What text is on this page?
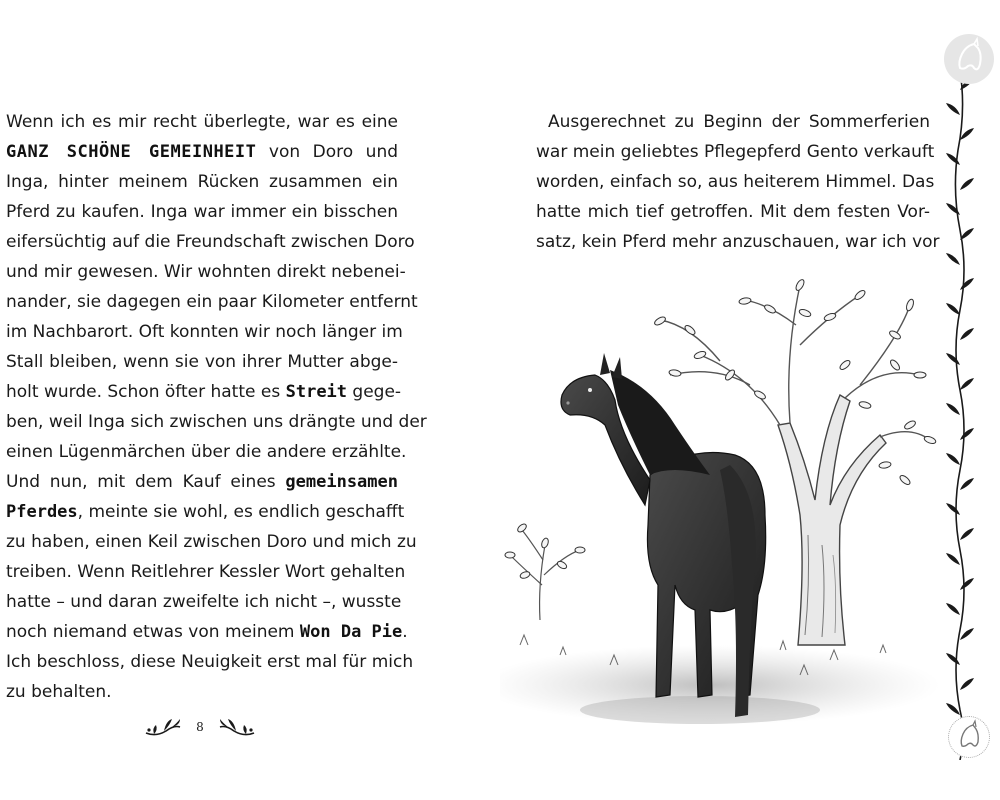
Wenn ich es mir recht überlegte, war es eine
GANZ SCHÖNE GEMEINHEIT von Doro und
Inga, hinter meinem Rücken zusammen ein
Pferd zu kaufen. Inga war immer ein bisschen
eifersüchtig auf die Freundschaft zwischen Doro
und mir gewesen. Wir wohnten direkt nebenei-
nander, sie dagegen ein paar Kilometer entfernt
im Nachbarort. Oft konnten wir noch länger im
Stall bleiben, wenn sie von ihrer Mutter abge-
holt wurde. Schon öfter hatte es Streit gege-
ben, weil Inga sich zwischen uns drängte und der
einen Lügenmärchen über die andere erzählte.
Und nun, mit dem Kauf eines gemeinsamen
Pferdes, meinte sie wohl, es endlich geschafft
zu haben, einen Keil zwischen Doro und mich zu
treiben. Wenn Reitlehrer Kessler Wort gehalten
hatte – und daran zweifelte ich nicht –, wusste
noch niemand etwas von meinem Won Da Pie.
Ich beschloss, diese Neuigkeit erst mal für mich
zu behalten.
8
Ausgerechnet zu Beginn der Sommerferien
war mein geliebtes Pflegepferd Gento verkauft
worden, einfach so, aus heiterem Himmel. Das
hatte mich tief getroffen. Mit dem festen Vor-
satz, kein Pferd mehr anzuschauen, war ich vor
